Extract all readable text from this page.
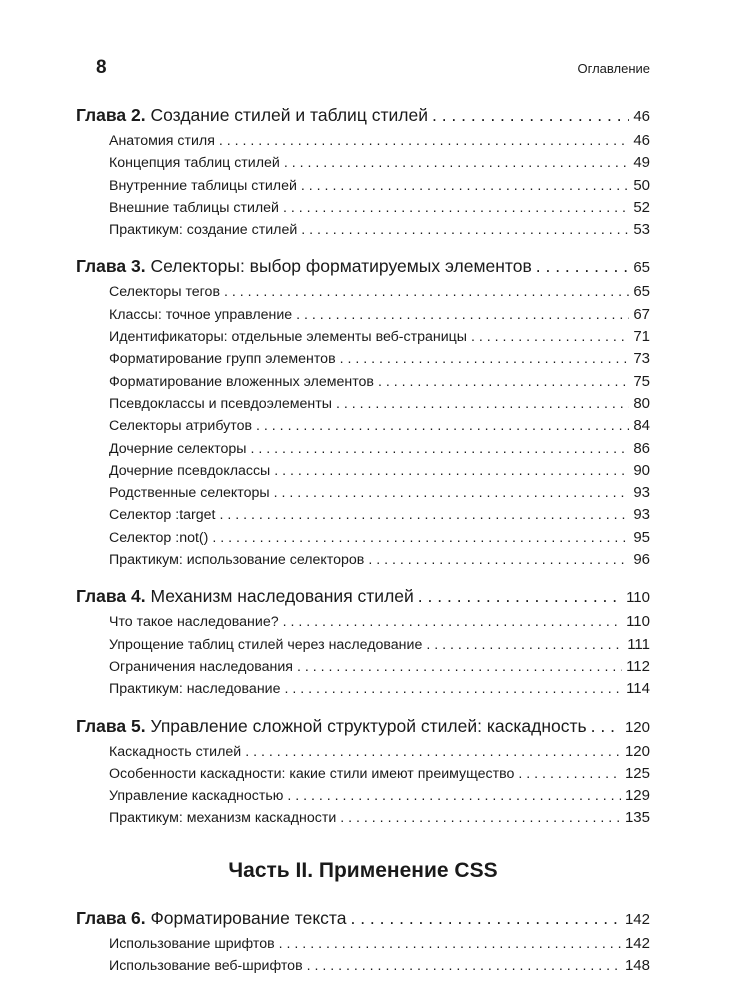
8	Оглавление
Глава 2. Создание стилей и таблиц стилей . . .	46
Анатомия стиля . . .	46
Концепция таблиц стилей . . .	49
Внутренние таблицы стилей . . .	50
Внешние таблицы стилей . . .	52
Практикум: создание стилей . . .	53
Глава 3. Селекторы: выбор форматируемых элементов . . .	65
Селекторы тегов . . .	65
Классы: точное управление . . .	67
Идентификаторы: отдельные элементы веб-страницы . . .	71
Форматирование групп элементов . . .	73
Форматирование вложенных элементов . . .	75
Псевдоклассы и псевдоэлементы . . .	80
Селекторы атрибутов . . .	84
Дочерние селекторы . . .	86
Дочерние псевдоклассы . . .	90
Родственные селекторы . . .	93
Селектор :target . . .	93
Селектор :not() . . .	95
Практикум: использование селекторов . . .	96
Глава 4. Механизм наследования стилей . . .	110
Что такое наследование? . . .	110
Упрощение таблиц стилей через наследование . . .	111
Ограничения наследования . . .	112
Практикум: наследование . . .	114
Глава 5. Управление сложной структурой стилей: каскадность . . .	120
Каскадность стилей . . .	120
Особенности каскадности: какие стили имеют преимущество . . .	125
Управление каскадностью . . .	129
Практикум: механизм каскадности . . .	135
Часть II. Применение CSS
Глава 6. Форматирование текста . . .	142
Использование шрифтов . . .	142
Использование веб-шрифтов . . .	148
